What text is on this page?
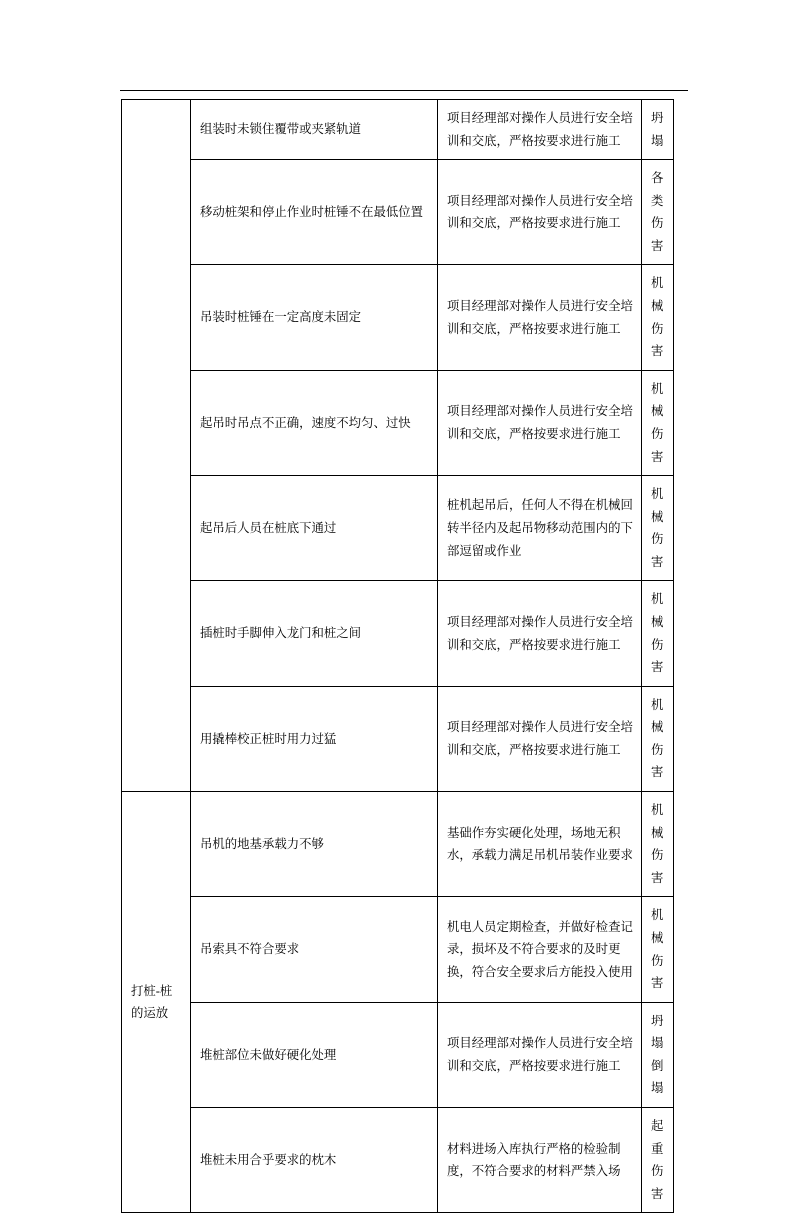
	组装时未锁住覆带或夹紧轨道	项目经理部对操作人员进行安全培训和交底，严格按要求进行施工	坍塌
	移动桩架和停止作业时桩锤不在最低位置	项目经理部对操作人员进行安全培训和交底，严格按要求进行施工	各类伤害
	吊装时桩锤在一定高度未固定	项目经理部对操作人员进行安全培训和交底，严格按要求进行施工	机械伤害
	起吊时吊点不正确，速度不均匀、过快	项目经理部对操作人员进行安全培训和交底，严格按要求进行施工	机械伤害
	起吊后人员在桩底下通过	桩机起吊后，任何人不得在机械回转半径内及起吊物移动范围内的下部逗留或作业	机械伤害
	插桩时手脚伸入龙门和桩之间	项目经理部对操作人员进行安全培训和交底，严格按要求进行施工	机械伤害
	用撬棒校正桩时用力过猛	项目经理部对操作人员进行安全培训和交底，严格按要求进行施工	机械伤害
打桩-桩的运放	吊机的地基承载力不够	基础作夯实硬化处理，场地无积水，承载力满足吊机吊装作业要求	机械伤害
	吊索具不符合要求	机电人员定期检查，并做好检查记录，损坏及不符合要求的及时更换，符合安全要求后方能投入使用	机械伤害
	堆桩部位未做好硬化处理	项目经理部对操作人员进行安全培训和交底，严格按要求进行施工	坍塌倒塌
	堆桩未用合乎要求的枕木	材料进场入库执行严格的检验制度，不符合要求的材料严禁入场	起重伤害
